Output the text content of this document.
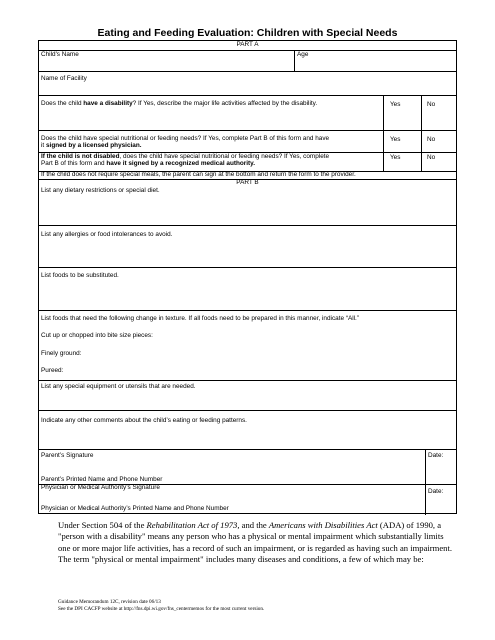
Eating and Feeding Evaluation: Children with Special Needs
PART A
Child's Name	Age
Name of Facility
Does the child have a disability? If Yes, describe the major life activities affected by the disability.	Yes	No
Does the child have special nutritional or feeding needs? If Yes, complete Part B of this form and have
it signed by a licensed physician.
Yes	No
If the child is not disabled, does the child have special nutritional or feeding needs? If Yes, complete
Part B of this form and have it signed by a recognized medical authority.
Yes	No
If the child does not require special meals, the parent can sign at the bottom and return the form to the provider.
PART B
List any dietary restrictions or special diet.
List any allergies or food intolerances to avoid.
List foods to be substituted.
List foods that need the following change in texture. If all foods need to be prepared in this manner, indicate “All.”
Cut up or chopped into bite size pieces:
Finely ground:
Pureed:
List any special equipment or utensils that are needed.
Indicate any other comments about the child’s eating or feeding patterns.
Parent’s Signature	Date:
Parent’s Printed Name and Phone Number
Physician or Medical Authority’s Signature
Date:
Physician or Medical Authority’s Printed Name and Phone Number
Under Section 504 of the Rehabilitation Act of 1973, and the Americans with Disabilities Act (ADA) of 1990, a "person with a disability" means any person who has a physical or mental impairment which substantially limits one or more major life activities, has a record of such an impairment, or is regarded as having such an impairment. The term "physical or mental impairment" includes many diseases and conditions, a few of which may be:
Guidance Memorandum 12C, revision date 06/13
See the DPI CACFP website at http://fns.dpi.wi.gov/fns_centermemos for the most current version.
